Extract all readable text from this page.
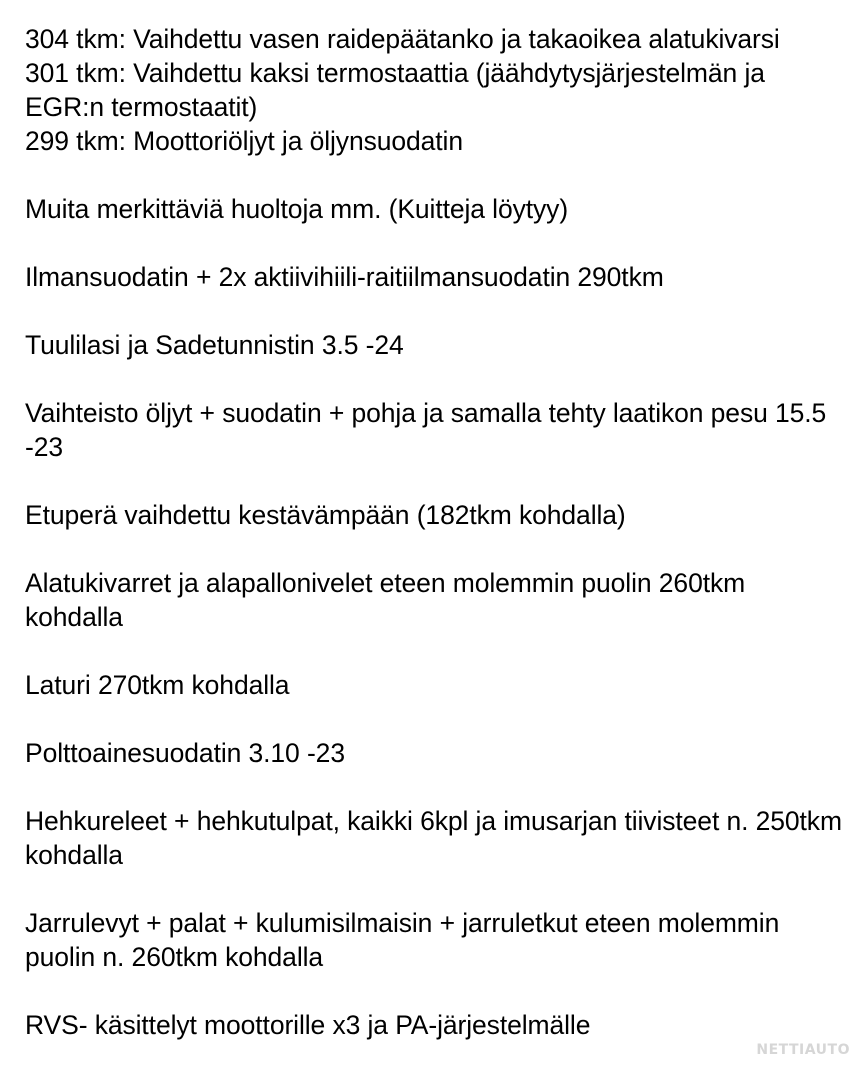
304 tkm: Vaihdettu vasen raidepäätanko ja takaoikea alatukivarsi
301 tkm: Vaihdettu kaksi termostaattia (jäähdytysjärjestelmän ja EGR:n termostaatit)
299 tkm: Moottoriöljyt ja öljynsuodatin
Muita merkittäviä huoltoja mm. (Kuitteja löytyy)
Ilmansuodatin + 2x aktiivihiili-raitiilmansuodatin 290tkm
Tuulilasi ja Sadetunnistin 3.5 -24
Vaihteisto öljyt + suodatin + pohja ja samalla tehty laatikon pesu 15.5 -23
Etuperä vaihdettu kestävämpään (182tkm kohdalla)
Alatukivarret ja alapallonivelet eteen molemmin puolin 260tkm kohdalla
Laturi 270tkm kohdalla
Polttoainesuodatin 3.10 -23
Hehkureleet + hehkutulpat, kaikki 6kpl ja imusarjan tiivisteet n. 250tkm kohdalla
Jarrulevyt + palat + kulumisilmaisin + jarruletkut eteen molemmin puolin n. 260tkm kohdalla
RVS- käsittelyt moottorille x3 ja PA-järjestelmälle
NETTIAUTO
